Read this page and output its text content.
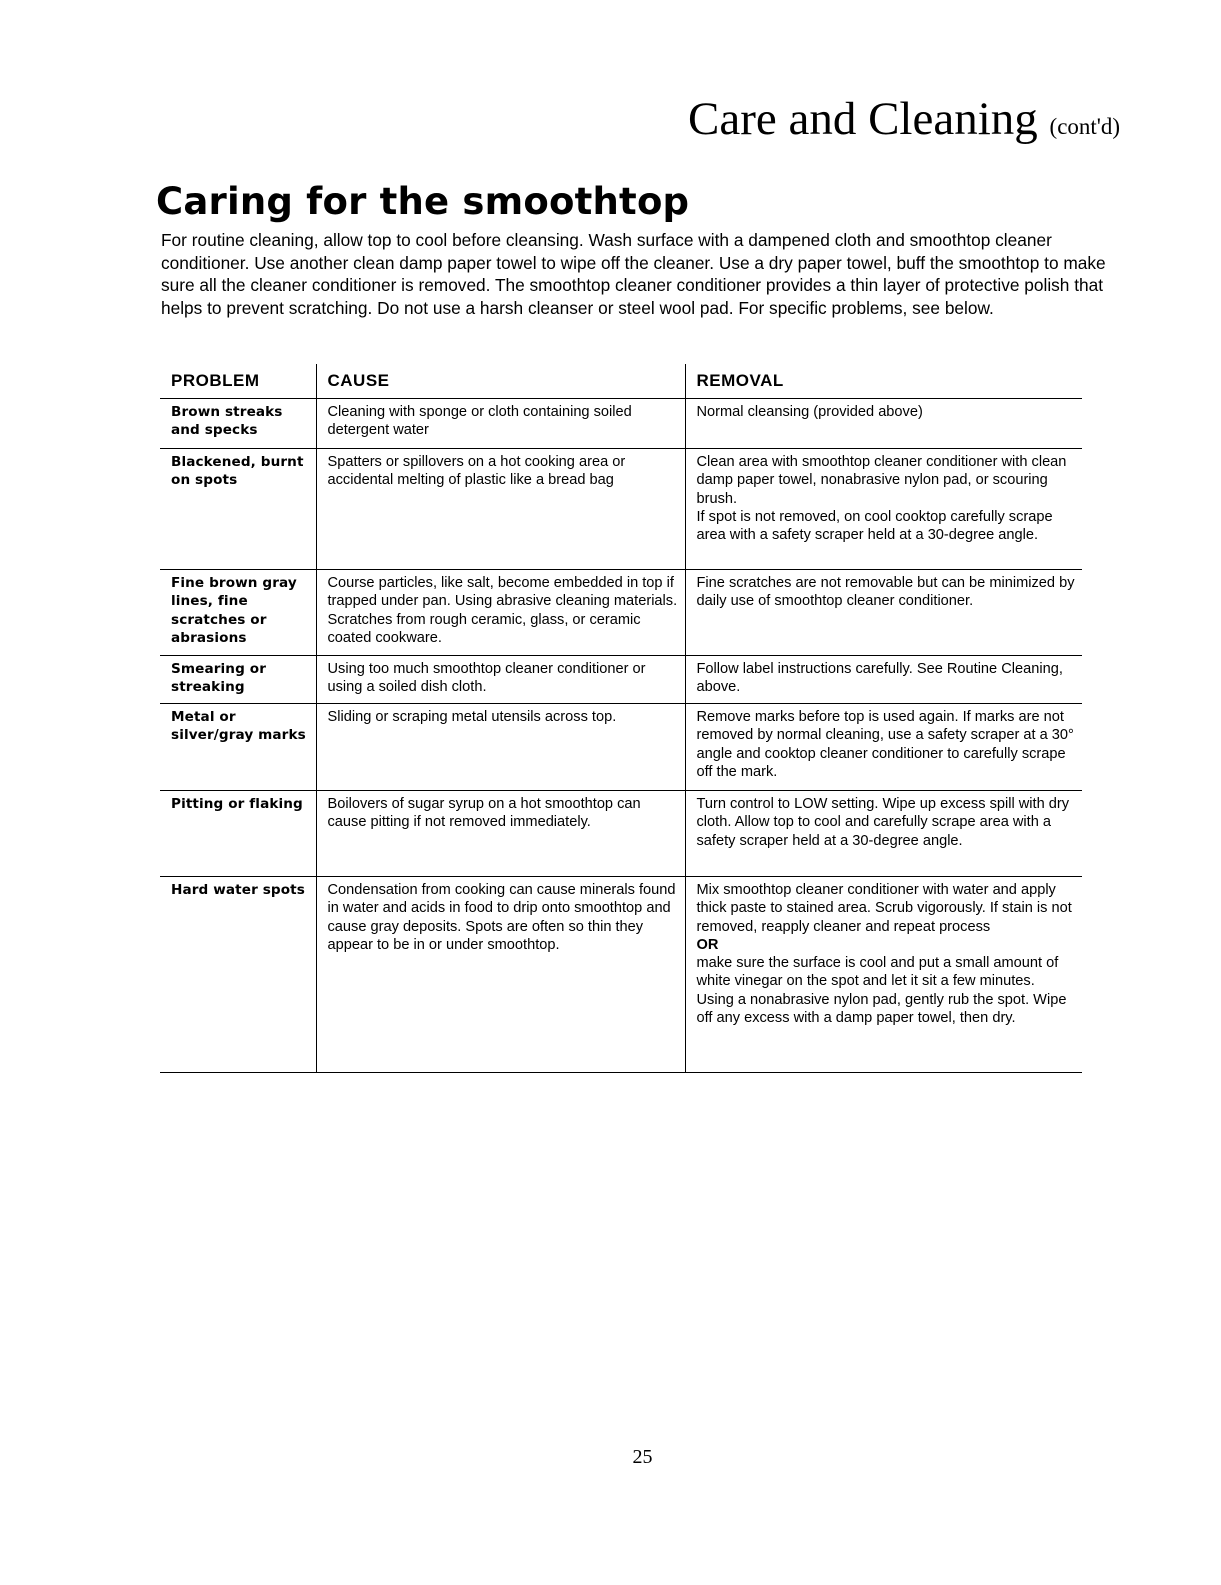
Care and Cleaning (cont'd)
Caring for the smoothtop

For routine cleaning, allow top to cool before cleansing. Wash surface with a dampened cloth and smoothtop cleaner conditioner. Use another clean damp paper towel to wipe off the cleaner. Use a dry paper towel, buff the smoothtop to make sure all the cleaner conditioner is removed. The smoothtop cleaner conditioner provides a thin layer of protective polish that helps to prevent scratching. Do not use a harsh cleanser or steel wool pad. For specific problems, see below.

PROBLEM	CAUSE	REMOVAL
Brown streaks and specks	Cleaning with sponge or cloth containing soiled detergent water	Normal cleansing (provided above)

Blackened, burnt on spots	Spatters or spillovers on a hot cooking area or accidental melting of plastic like a bread bag	Clean area with smoothtop cleaner conditioner with clean damp paper towel, nonabrasive nylon pad, or scouring brush.
If spot is not removed, on cool cooktop carefully scrape area with a safety scraper held at a 30-degree angle.

Fine brown gray lines, fine scratches or abrasions	Course particles, like salt, become embedded in top if trapped under pan. Using abrasive cleaning materials. Scratches from rough ceramic, glass, or ceramic coated cookware.	Fine scratches are not removable but can be minimized by daily use of smoothtop cleaner conditioner.

Smearing or streaking	Using too much smoothtop cleaner conditioner or using a soiled dish cloth.	Follow label instructions carefully. See Routine Cleaning, above.

Metal or silver/gray marks	Sliding or scraping metal utensils across top.	Remove marks before top is used again. If marks are not removed by normal cleaning, use a safety scraper at a 30° angle and cooktop cleaner conditioner to carefully scrape off the mark.

Pitting or flaking	Boilovers of sugar syrup on a hot smoothtop can cause pitting if not removed immediately.	Turn control to LOW setting. Wipe up excess spill with dry cloth. Allow top to cool and carefully scrape area with a safety scraper held at a 30-degree angle.

Hard water spots	Condensation from cooking can cause minerals found in water and acids in food to drip onto smoothtop and cause gray deposits. Spots are often so thin they appear to be in or under smoothtop.	Mix smoothtop cleaner conditioner with water and apply thick paste to stained area. Scrub vigorously. If stain is not removed, reapply cleaner and repeat process
OR
make sure the surface is cool and put a small amount of white vinegar on the spot and let it sit a few minutes. Using a nonabrasive nylon pad, gently rub the spot. Wipe off any excess with a damp paper towel, then dry.
25
